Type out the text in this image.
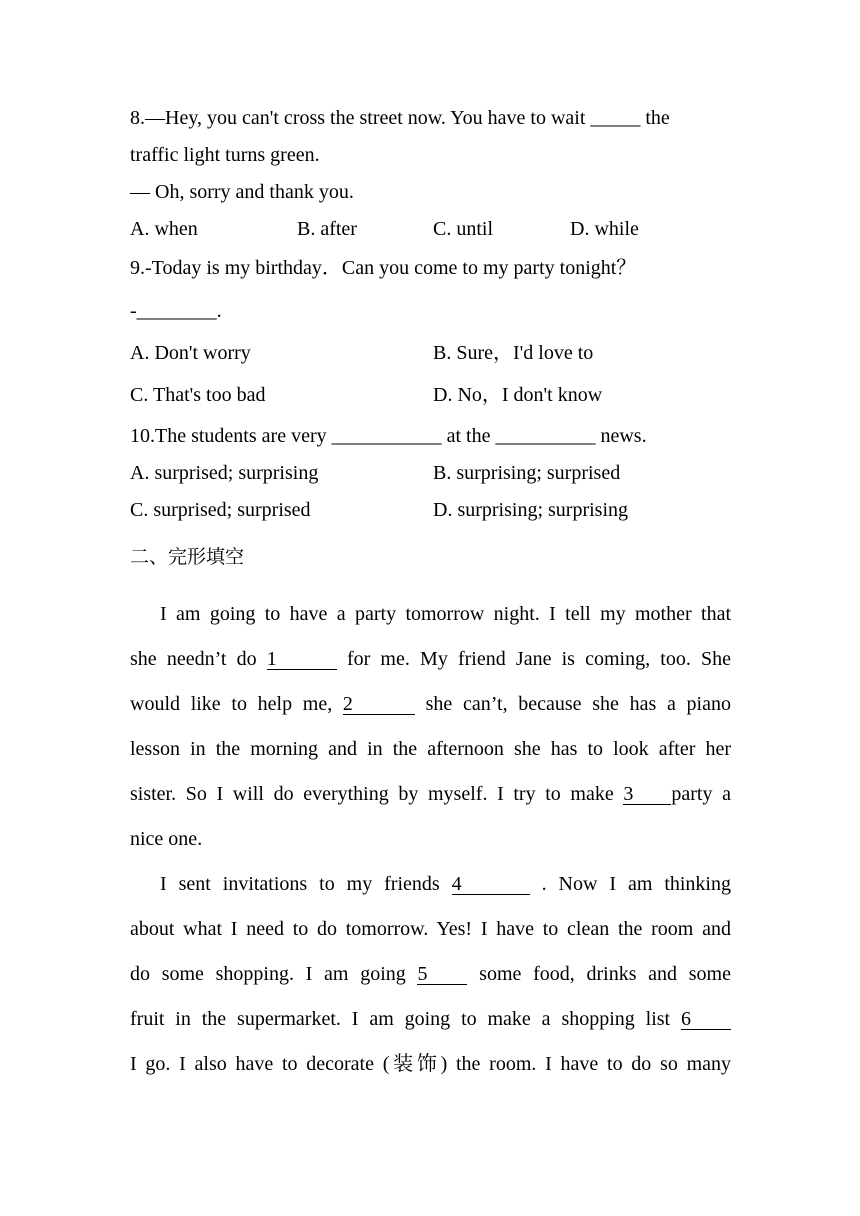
8.—Hey, you can't cross the street now. You have to wait _____ the
traffic light turns green.
— Oh, sorry and thank you.
A. when	B. after	C. until	D. while
9.-Today is my birthday．Can you come to my party tonight？
-________.
A. Don't worry	B. Sure，I'd love to
C. That's too bad	D. No，I don't know
10.The students are very ___________ at the __________ news.
A. surprised; surprising	B. surprising; surprised
C. surprised; surprised	D. surprising; surprising
二、完形填空
I am going to have a party tomorrow night. I tell my mother that
she needn’t do 1	for me. My friend Jane is coming, too. She
would like to help me, 2	she can’t, because she has a piano
lesson in the morning and in the afternoon she has to look after her
sister. So I will do everything by myself. I try to make 3 party a
nice one.
I sent invitations to my friends 4	. Now I am thinking
about what I need to do tomorrow. Yes! I have to clean the room and
do some shopping. I am going 5 some food, drinks and some
fruit in the supermarket. I am going to make a shopping list 6
I go. I also have to decorate (装饰) the room. I have to do so many
